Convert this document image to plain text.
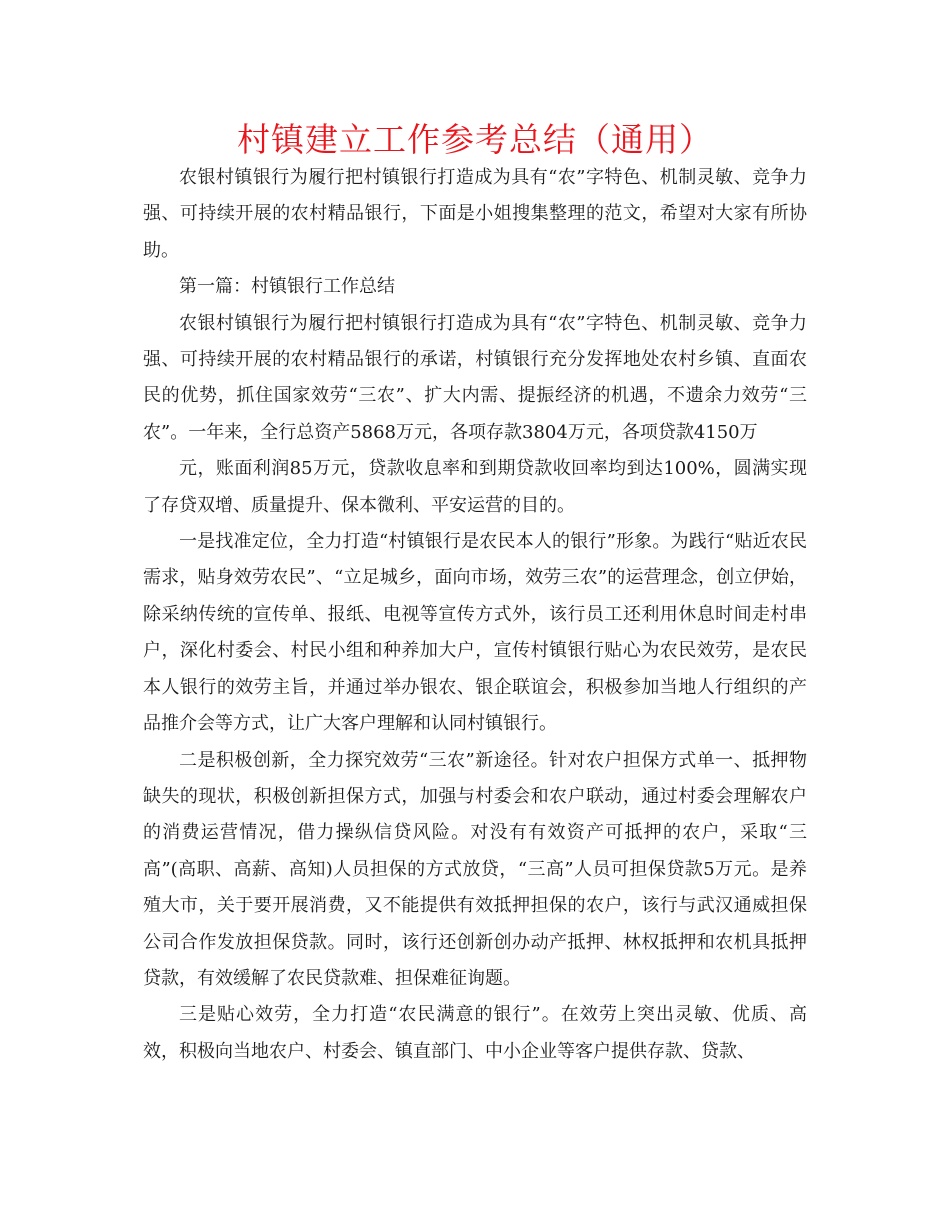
村镇建立工作参考总结（通用）

农银村镇银行为履行把村镇银行打造成为具有“农”字特色、机制灵敏、竞争力强、可持续开展的农村精品银行，下面是小姐搜集整理的范文，希望对大家有所协助。

第一篇：村镇银行工作总结

农银村镇银行为履行把村镇银行打造成为具有“农”字特色、机制灵敏、竞争力强、可持续开展的农村精品银行的承诺，村镇银行充分发挥地处农村乡镇、直面农民的优势，抓住国家效劳“三农”、扩大内需、提振经济的机遇，不遗余力效劳“三农”。一年来，全行总资产5868万元，各项存款3804万元，各项贷款4150万

元，账面利润85万元，贷款收息率和到期贷款收回率均到达100%，圆满实现了存贷双增、质量提升、保本微利、平安运营的目的。

一是找准定位，全力打造“村镇银行是农民本人的银行”形象。为践行“贴近农民需求，贴身效劳农民”、“立足城乡，面向市场，效劳三农”的运营理念，创立伊始，除采纳传统的宣传单、报纸、电视等宣传方式外，该行员工还利用休息时间走村串户，深化村委会、村民小组和种养加大户，宣传村镇银行贴心为农民效劳，是农民本人银行的效劳主旨，并通过举办银农、银企联谊会，积极参加当地人行组织的产品推介会等方式，让广大客户理解和认同村镇银行。

二是积极创新，全力探究效劳“三农”新途径。针对农户担保方式单一、抵押物缺失的现状，积极创新担保方式，加强与村委会和农户联动，通过村委会理解农户的消费运营情况，借力操纵信贷风险。对没有有效资产可抵押的农户，采取“三高”(高职、高薪、高知)人员担保的方式放贷，“三高”人员可担保贷款5万元。是养殖大市，关于要开展消费，又不能提供有效抵押担保的农户，该行与武汉通威担保公司合作发放担保贷款。同时，该行还创新创办动产抵押、林权抵押和农机具抵押贷款，有效缓解了农民贷款难、担保难征询题。

三是贴心效劳，全力打造“农民满意的银行”。在效劳上突出灵敏、优质、高效，积极向当地农户、村委会、镇直部门、中小企业等客户提供存款、贷款、
